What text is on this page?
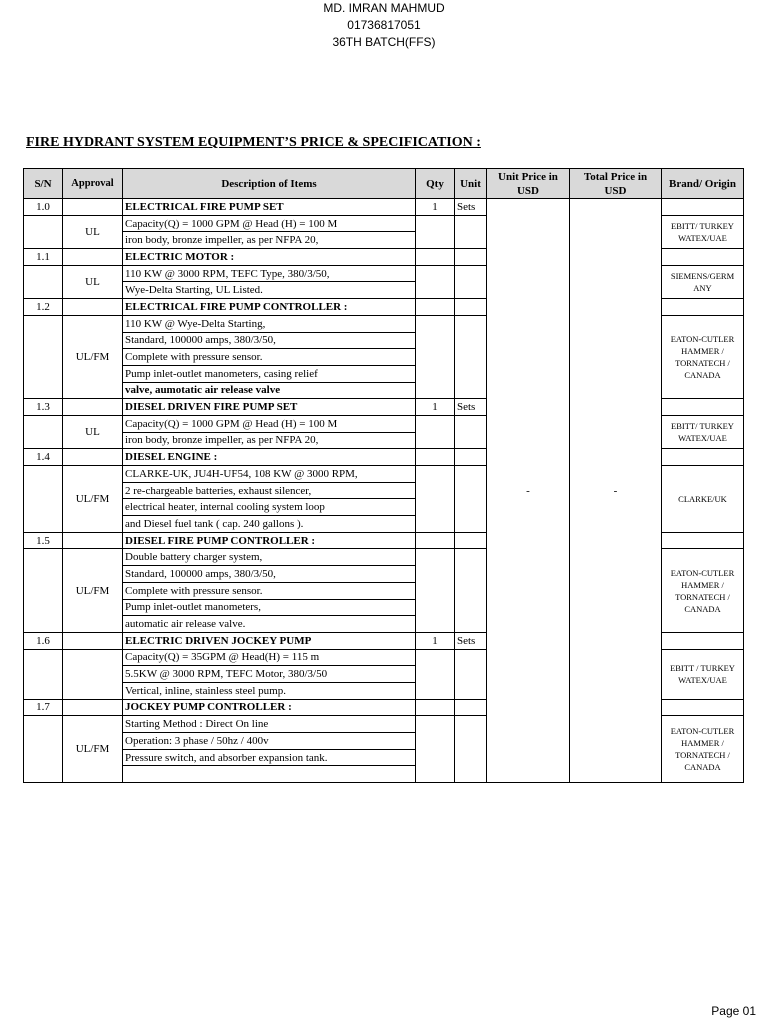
MD. IMRAN MAHMUD
01736817051
36TH BATCH(FFS)
FIRE HYDRANT SYSTEM EQUIPMENT’S PRICE & SPECIFICATION :
S/N	Approval	Description of Items	Qty	Unit	Unit Price in USD	Total Price in USD	Brand/ Origin
1.0		ELECTRICAL FIRE PUMP SET	1	Sets	-	-	
	UL	Capacity(Q) = 1000 GPM @ Head (H) = 100 M					EBITT/ TURKEY WATEX/UAE
		iron body, bronze impeller, as per NFPA 20,					
1.1		ELECTRIC MOTOR :					
	UL	110 KW @ 3000 RPM, TEFC Type, 380/3/50,					SIEMENS/GERM ANY
		Wye-Delta Starting, UL Listed.					
1.2		ELECTRICAL FIRE PUMP CONTROLLER :					
	UL/FM	110 KW @ Wye-Delta Starting,					EATON-CUTLER HAMMER / TORNATECH / CANADA
		Standard, 100000 amps, 380/3/50,					
		Complete with pressure sensor.					
		Pump inlet-outlet manometers, casing relief					
		valve, aumotatic air release valve					
1.3		DIESEL DRIVEN FIRE PUMP SET	1	Sets			
	UL	Capacity(Q) = 1000 GPM @ Head (H) = 100 M					EBITT/ TURKEY WATEX/UAE
		iron body, bronze impeller, as per NFPA 20,					
1.4		DIESEL ENGINE :					
	UL/FM	CLARKE-UK, JU4H-UF54, 108 KW @ 3000 RPM,					CLARKE/UK
		2 re-chargeable batteries, exhaust silencer,					
		electrical heater, internal cooling system loop					
		and Diesel fuel tank ( cap. 240 gallons ).					
1.5		DIESEL FIRE PUMP CONTROLLER :					
	UL/FM	Double battery charger system,					EATON-CUTLER HAMMER / TORNATECH / CANADA
		Standard, 100000 amps, 380/3/50,					
		Complete with pressure sensor.					
		Pump inlet-outlet manometers,					
		automatic air release valve.					
1.6		ELECTRIC DRIVEN JOCKEY PUMP	1	Sets			
		Capacity(Q) = 35GPM @ Head(H) = 115 m					EBITT / TURKEY WATEX/UAE
		5.5KW @ 3000 RPM, TEFC Motor, 380/3/50					
		Vertical, inline, stainless steel pump.					
1.7		JOCKEY PUMP CONTROLLER :					
	UL/FM	Starting Method : Direct On line					EATON-CUTLER HAMMER / TORNATECH / CANADA
		Operation: 3 phase / 50hz / 400v					
		Pressure switch, and absorber expansion tank.					

Page 01
